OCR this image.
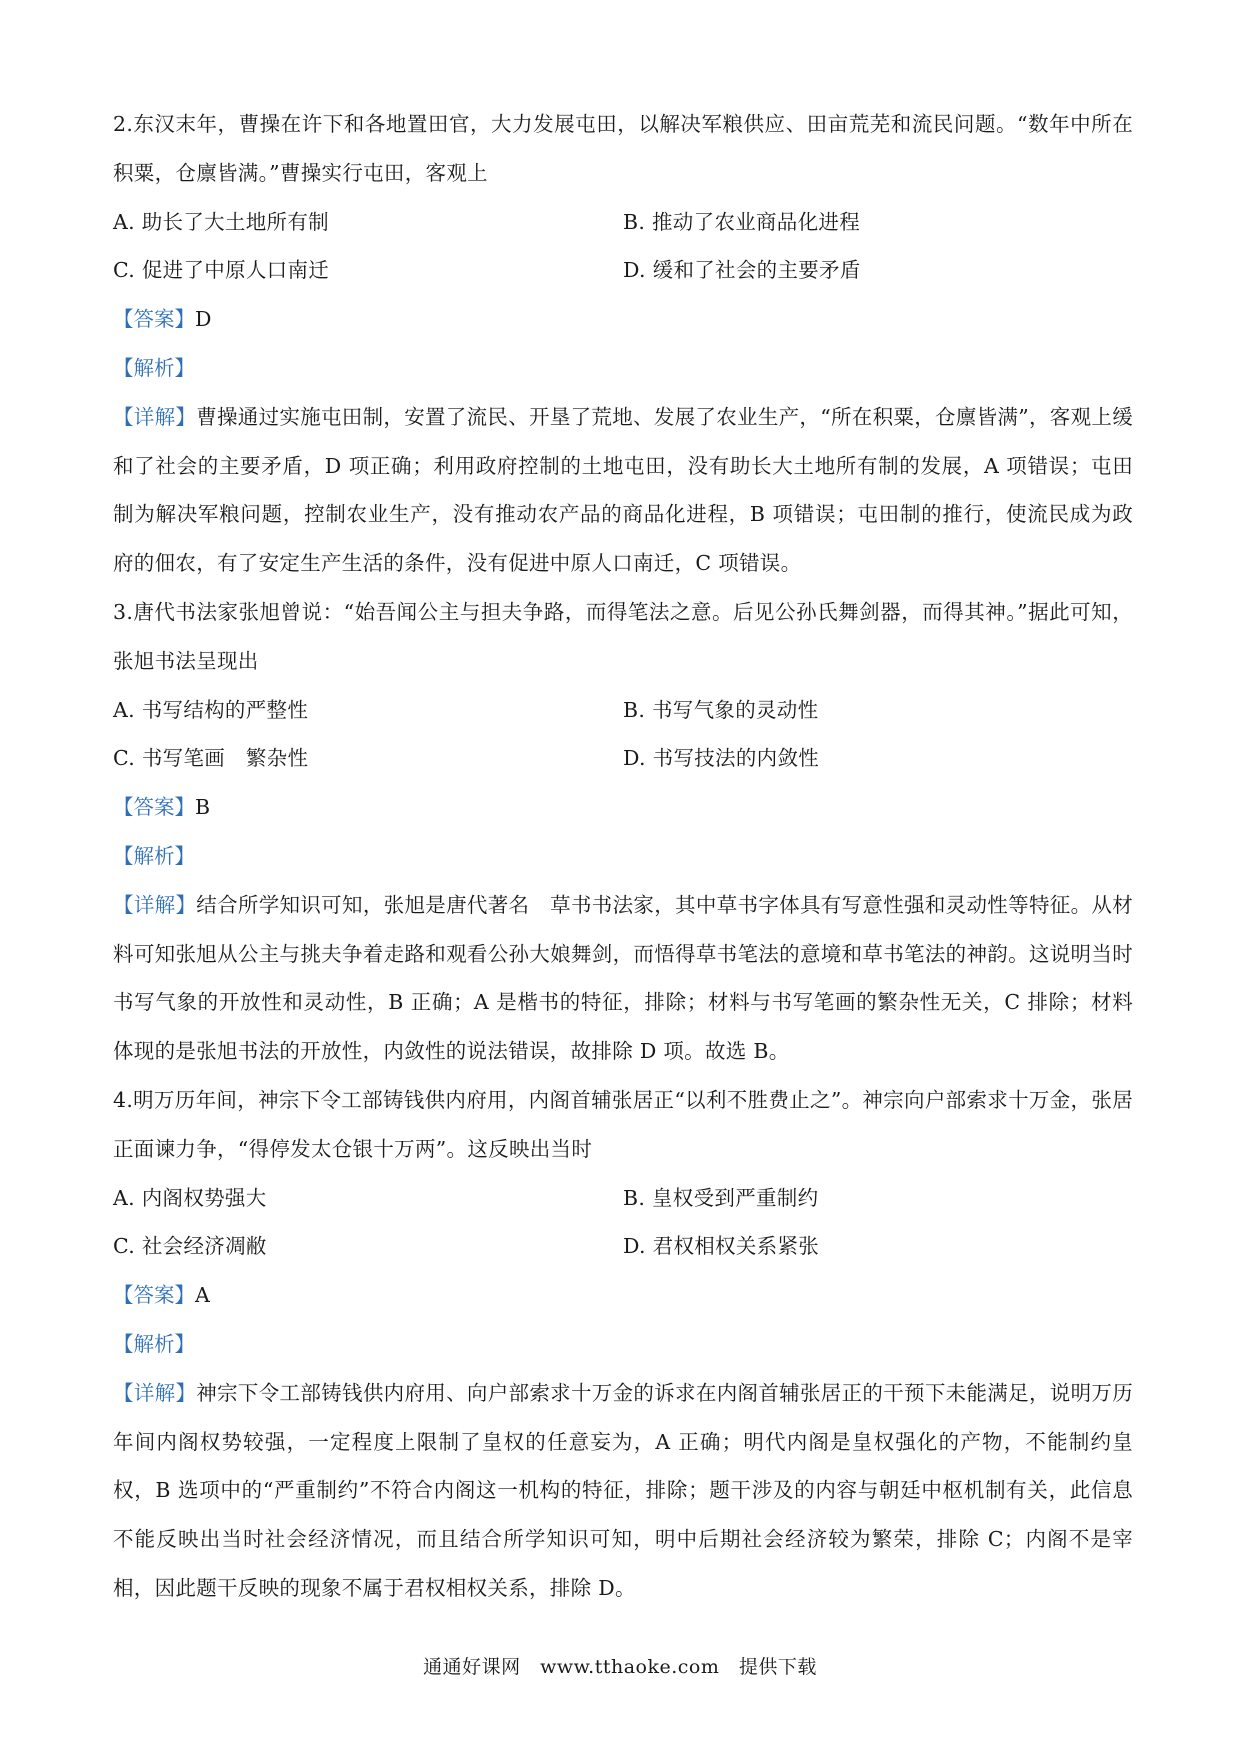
2.东汉末年，曹操在许下和各地置田官，大力发展屯田，以解决军粮供应、田亩荒芜和流民问题。“数年中所在积粟，仓廪皆满。”曹操实行屯田，客观上

A. 助长了大土地所有制	B. 推动了农业商品化进程

C. 促进了中原人口南迁	D. 缓和了社会的主要矛盾

【答案】D

【解析】

【详解】曹操通过实施屯田制，安置了流民、开垦了荒地、发展了农业生产，“所在积粟，仓廪皆满”，客观上缓和了社会的主要矛盾，D 项正确；利用政府控制的土地屯田，没有助长大土地所有制的发展，A 项错误；屯田制为解决军粮问题，控制农业生产，没有推动农产品的商品化进程，B 项错误；屯田制的推行，使流民成为政府的佃农，有了安定生产生活的条件，没有促进中原人口南迁，C 项错误。

3.唐代书法家张旭曾说：“始吾闻公主与担夫争路，而得笔法之意。后见公孙氏舞剑器，而得其神。”据此可知，张旭书法呈现出

A. 书写结构的严整性	B. 书写气象的灵动性

C. 书写笔画　繁杂性	D. 书写技法的内敛性

【答案】B

【解析】

【详解】结合所学知识可知，张旭是唐代著名　草书书法家，其中草书字体具有写意性强和灵动性等特征。从材料可知张旭从公主与挑夫争着走路和观看公孙大娘舞剑，而悟得草书笔法的意境和草书笔法的神韵。这说明当时书写气象的开放性和灵动性，B 正确；A 是楷书的特征，排除；材料与书写笔画的繁杂性无关，C 排除；材料体现的是张旭书法的开放性，内敛性的说法错误，故排除 D 项。故选 B。

4.明万历年间，神宗下令工部铸钱供内府用，内阁首辅张居正“以利不胜费止之”。神宗向户部索求十万金，张居正面谏力争，“得停发太仓银十万两”。这反映出当时

A. 内阁权势强大	B. 皇权受到严重制约

C. 社会经济凋敝	D. 君权相权关系紧张

【答案】A

【解析】

【详解】神宗下令工部铸钱供内府用、向户部索求十万金的诉求在内阁首辅张居正的干预下未能满足，说明万历年间内阁权势较强，一定程度上限制了皇权的任意妄为，A 正确；明代内阁是皇权强化的产物，不能制约皇权，B 选项中的“严重制约”不符合内阁这一机构的特征，排除；题干涉及的内容与朝廷中枢机制有关，此信息不能反映出当时社会经济情况，而且结合所学知识可知，明中后期社会经济较为繁荣，排除 C；内阁不是宰相，因此题干反映的现象不属于君权相权关系，排除 D。

通通好课网　www.tthaoke.com　提供下载
